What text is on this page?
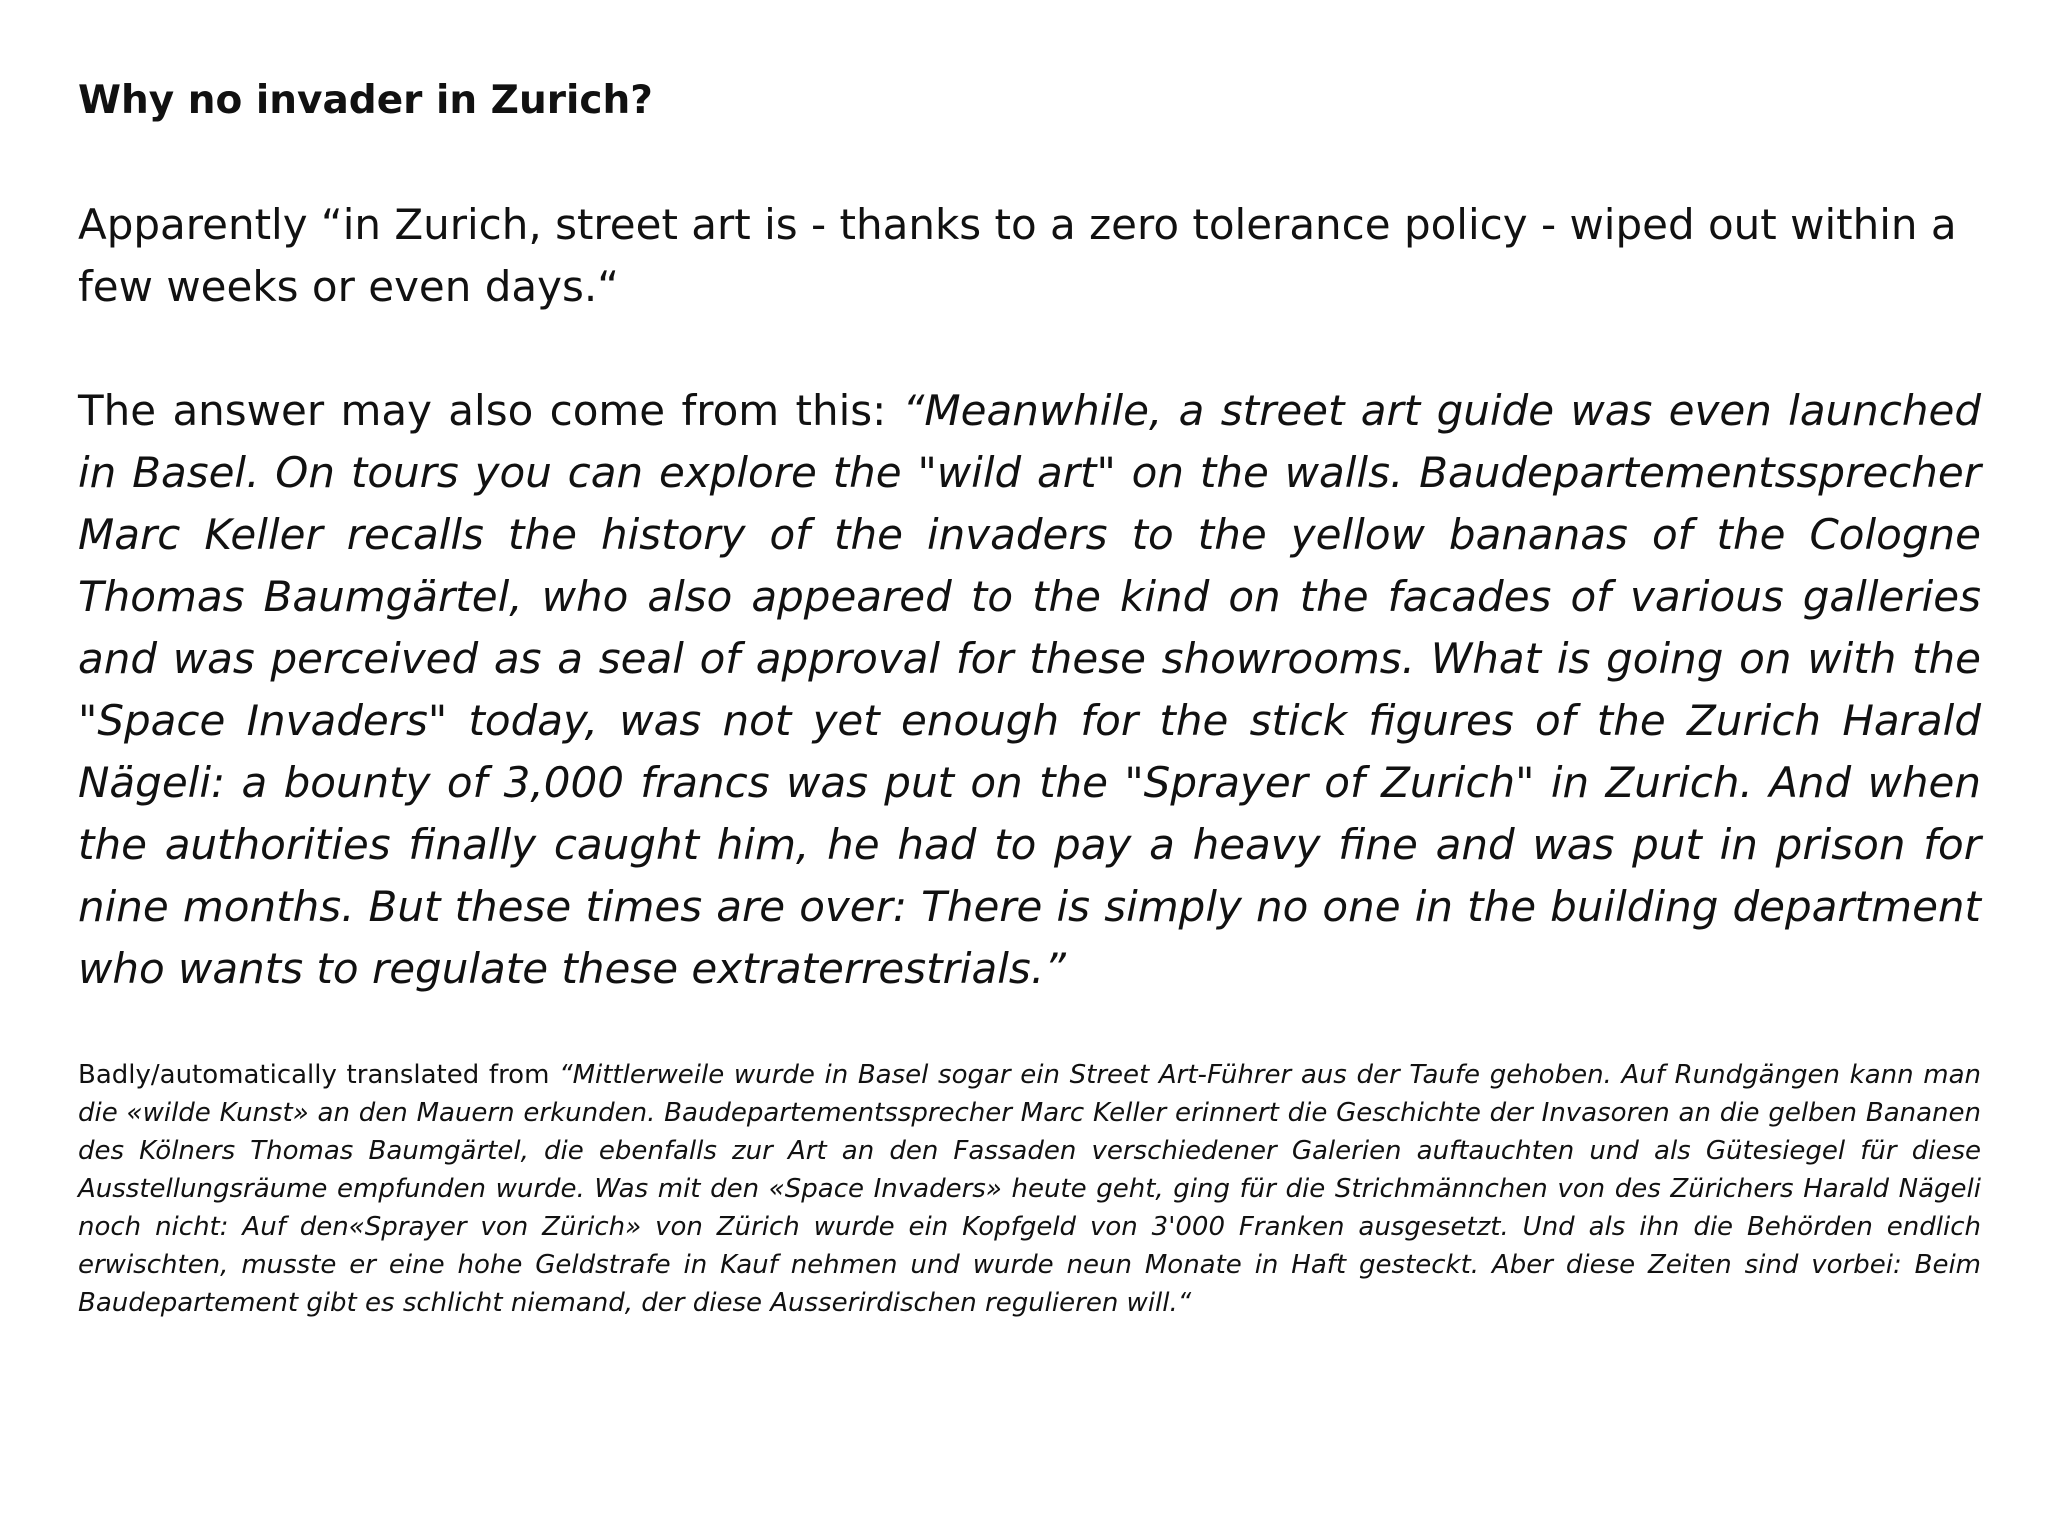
Why no invader in Zurich?

Apparently “in Zurich, street art is - thanks to a zero tolerance policy - wiped out within a few weeks or even days.“

The answer may also come from this: “Meanwhile, a street art guide was even launched in Basel. On tours you can explore the "wild art" on the walls. Baudepartementssprecher Marc Keller recalls the history of the invaders to the yellow bananas of the Cologne Thomas Baumgärtel, who also appeared to the kind on the facades of various galleries and was perceived as a seal of approval for these showrooms. What is going on with the "Space Invaders" today, was not yet enough for the stick figures of the Zurich Harald Nägeli: a bounty of 3,000 francs was put on the "Sprayer of Zurich" in Zurich. And when the authorities finally caught him, he had to pay a heavy fine and was put in prison for nine months. But these times are over: There is simply no one in the building department who wants to regulate these extraterrestrials.”

Badly/automatically translated from “Mittlerweile wurde in Basel sogar ein Street Art-Führer aus der Taufe gehoben. Auf Rundgängen kann man die «wilde Kunst» an den Mauern erkunden. Baudepartementssprecher Marc Keller erinnert die Geschichte der Invasoren an die gelben Bananen des Kölners Thomas Baumgärtel, die ebenfalls zur Art an den Fassaden verschiedener Galerien auftauchten und als Gütesiegel für diese Ausstellungsräume empfunden wurde. Was mit den «Space Invaders» heute geht, ging für die Strichmännchen von des Zürichers Harald Nägeli noch nicht: Auf den«Sprayer von Zürich» von Zürich wurde ein Kopfgeld von 3'000 Franken ausgesetzt. Und als ihn die Behörden endlich erwischten, musste er eine hohe Geldstrafe in Kauf nehmen und wurde neun Monate in Haft gesteckt. Aber diese Zeiten sind vorbei: Beim Baudepartement gibt es schlicht niemand, der diese Ausserirdischen regulieren will.“
